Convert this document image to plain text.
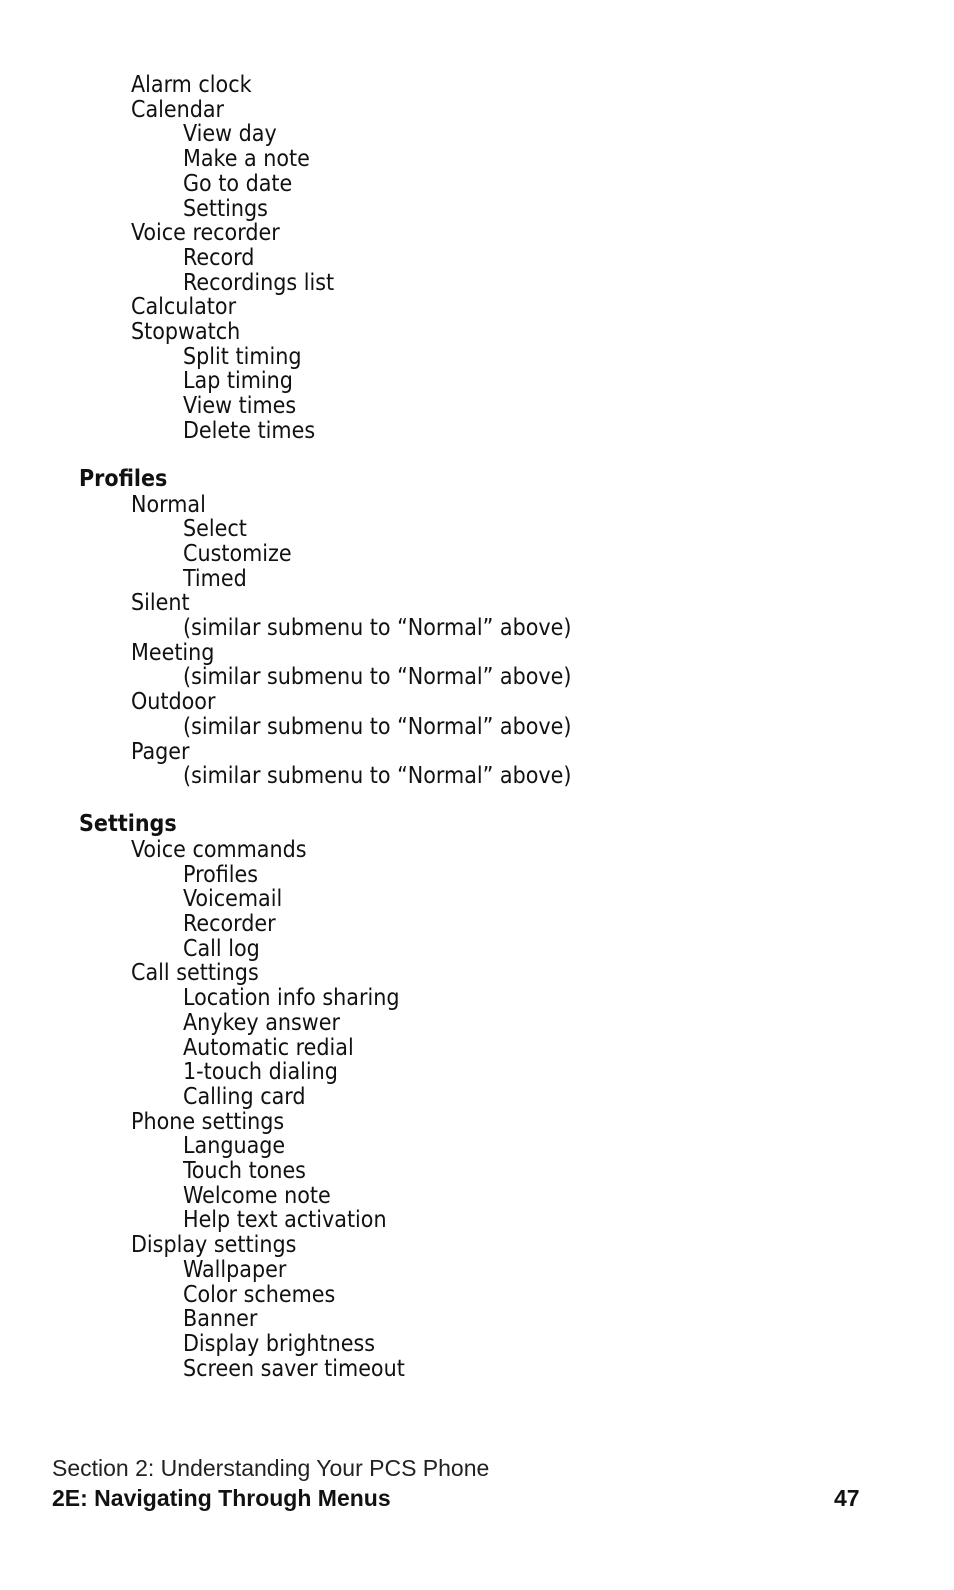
Alarm clock
Calendar
View day
Make a note
Go to date
Settings
Voice recorder
Record
Recordings list
Calculator
Stopwatch
Split timing
Lap timing
View times
Delete times
Profiles
Normal
Select
Customize
Timed
Silent
(similar submenu to “Normal” above)
Meeting
(similar submenu to “Normal” above)
Outdoor
(similar submenu to “Normal” above)
Pager
(similar submenu to “Normal” above)
Settings
Voice commands
Profiles
Voicemail
Recorder
Call log
Call settings
Location info sharing
Anykey answer
Automatic redial
1-touch dialing
Calling card
Phone settings
Language
Touch tones
Welcome note
Help text activation
Display settings
Wallpaper
Color schemes
Banner
Display brightness
Screen saver timeout
Section 2: Understanding Your PCS Phone
2E: Navigating Through Menus	47
